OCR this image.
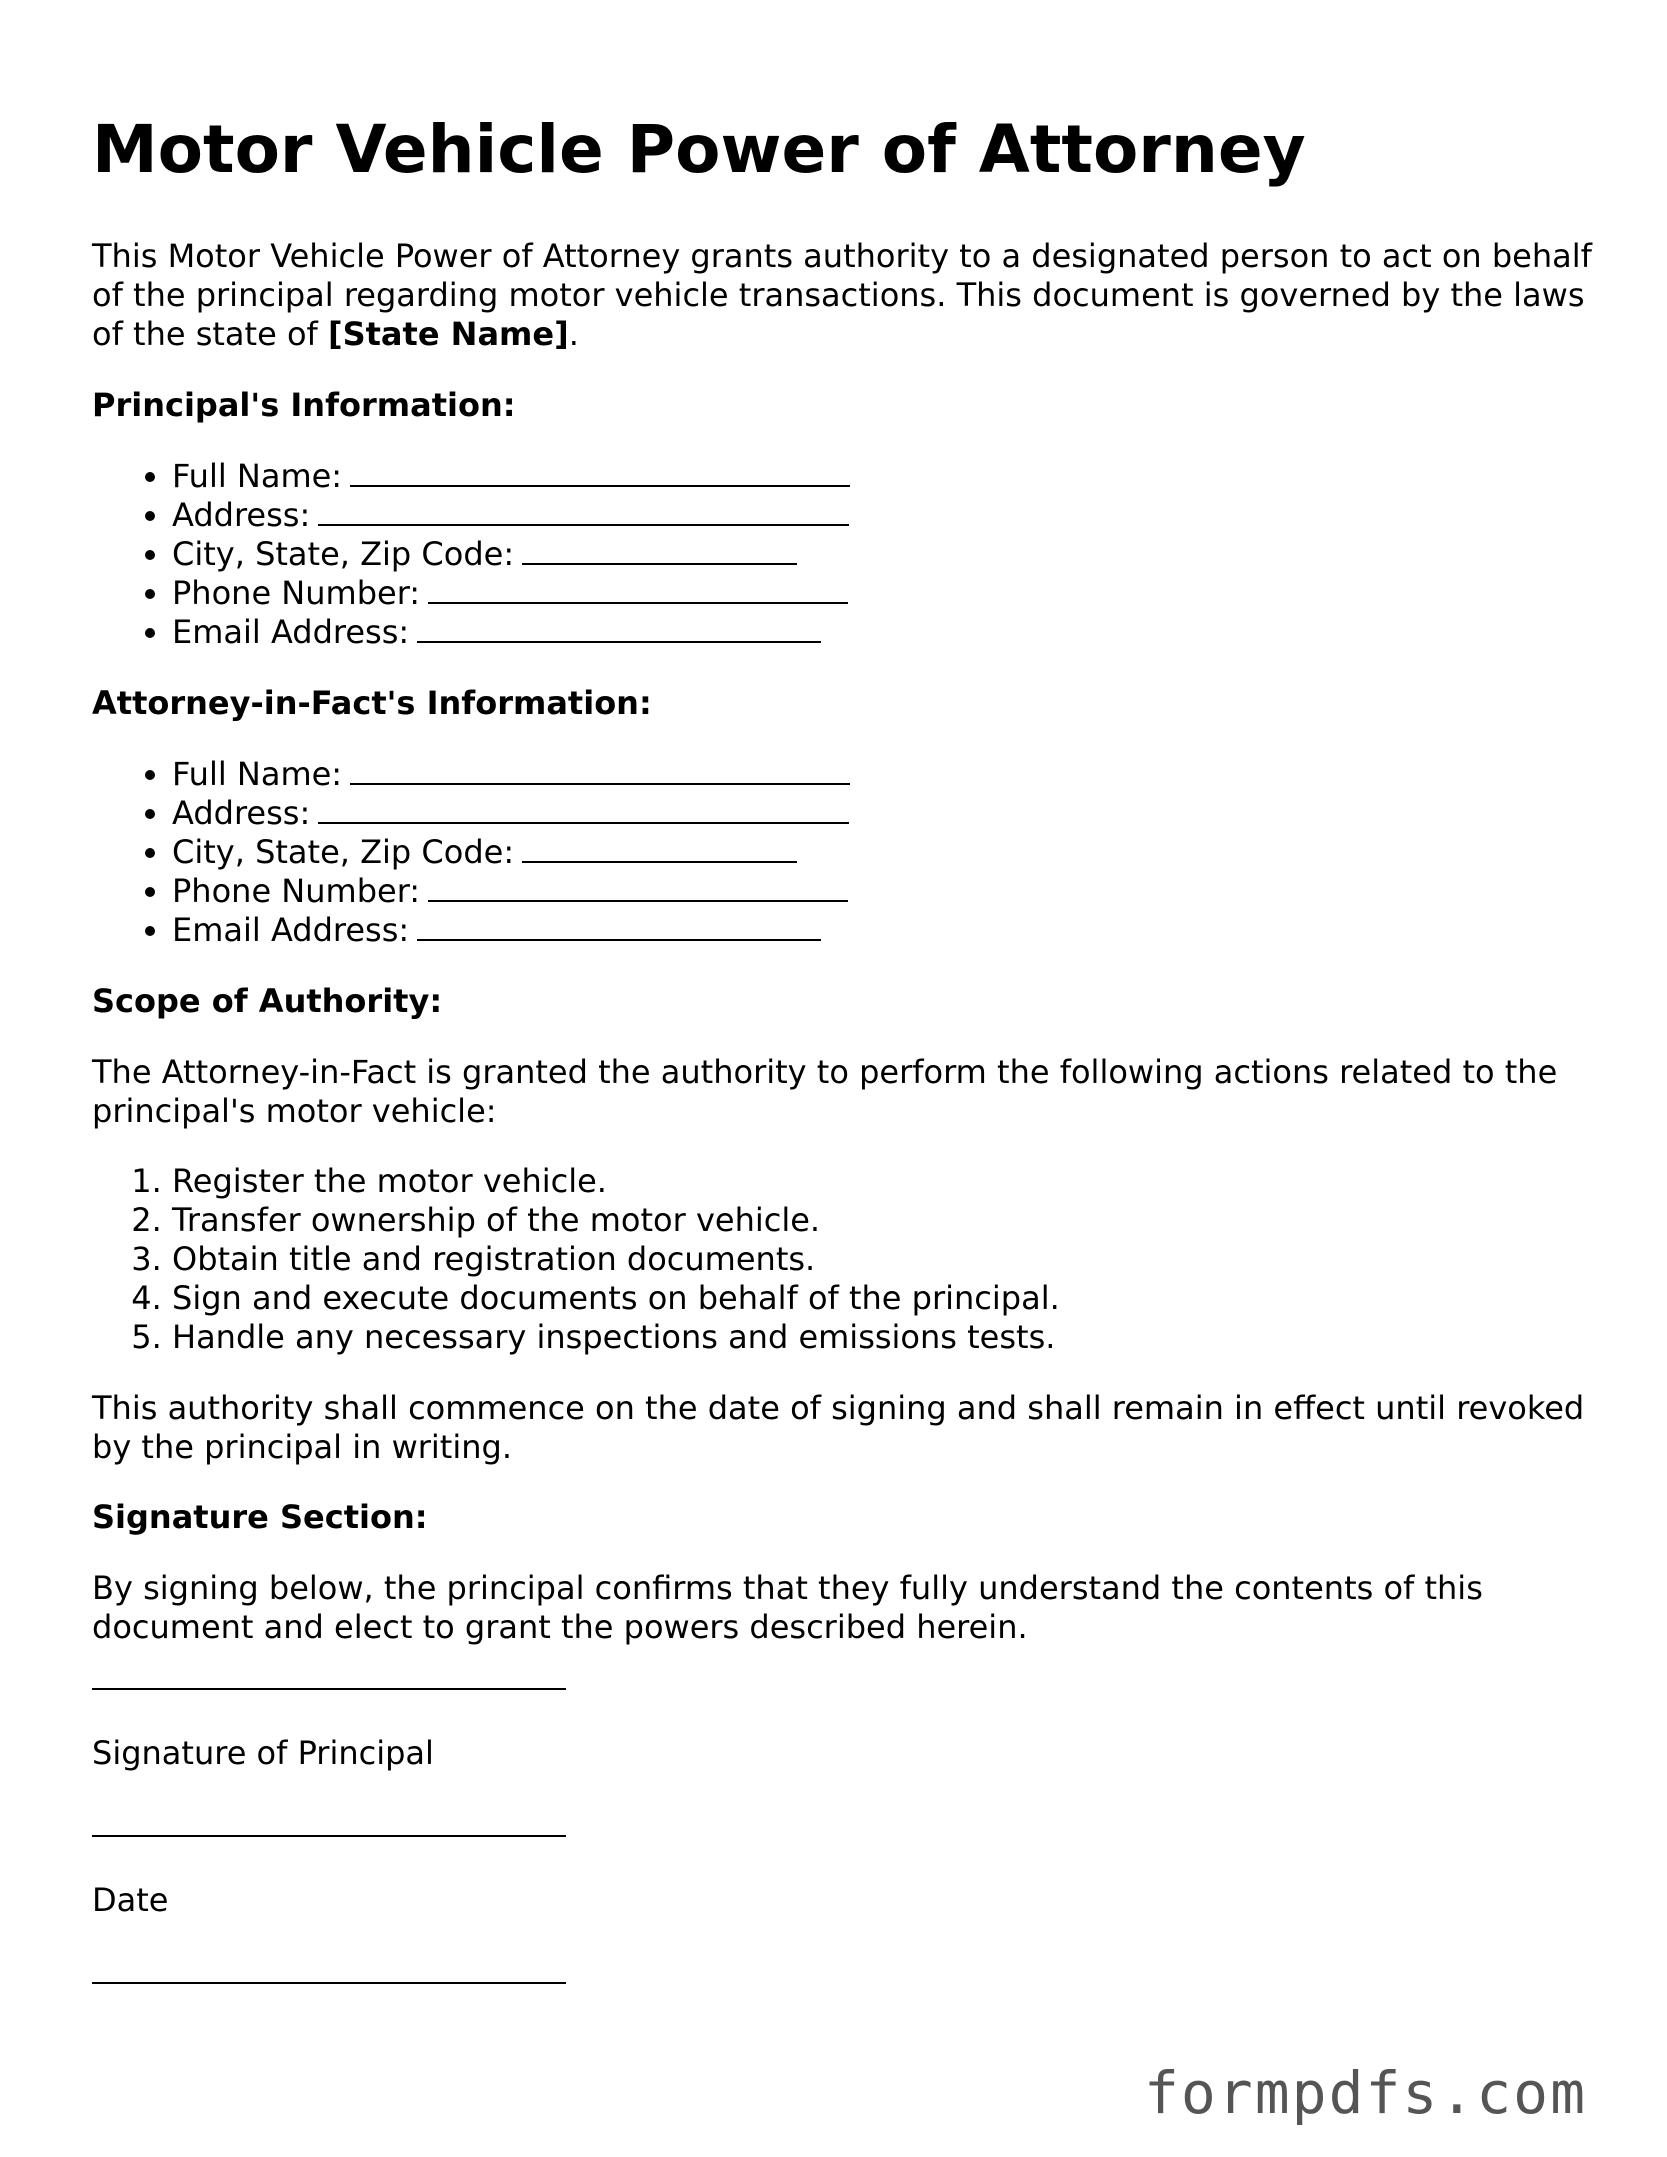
Motor Vehicle Power of Attorney

This Motor Vehicle Power of Attorney grants authority to a designated person to act on behalf of the principal regarding motor vehicle transactions. This document is governed by the laws of the state of [State Name].

Principal's Information:
• Full Name:
• Address:
• City, State, Zip Code:
• Phone Number:
• Email Address:
Attorney-in-Fact's Information:
• Full Name:
• Address:
• City, State, Zip Code:
• Phone Number:
• Email Address:
Scope of Authority:

The Attorney-in-Fact is granted the authority to perform the following actions related to the principal's motor vehicle:

1. Register the motor vehicle.
2. Transfer ownership of the motor vehicle.
3. Obtain title and registration documents.
4. Sign and execute documents on behalf of the principal.
5. Handle any necessary inspections and emissions tests.

This authority shall commence on the date of signing and shall remain in effect until revoked by the principal in writing.

Signature Section:

By signing below, the principal confirms that they fully understand the contents of this document and elect to grant the powers described herein.

Signature of Principal
Date
formpdfs.com
